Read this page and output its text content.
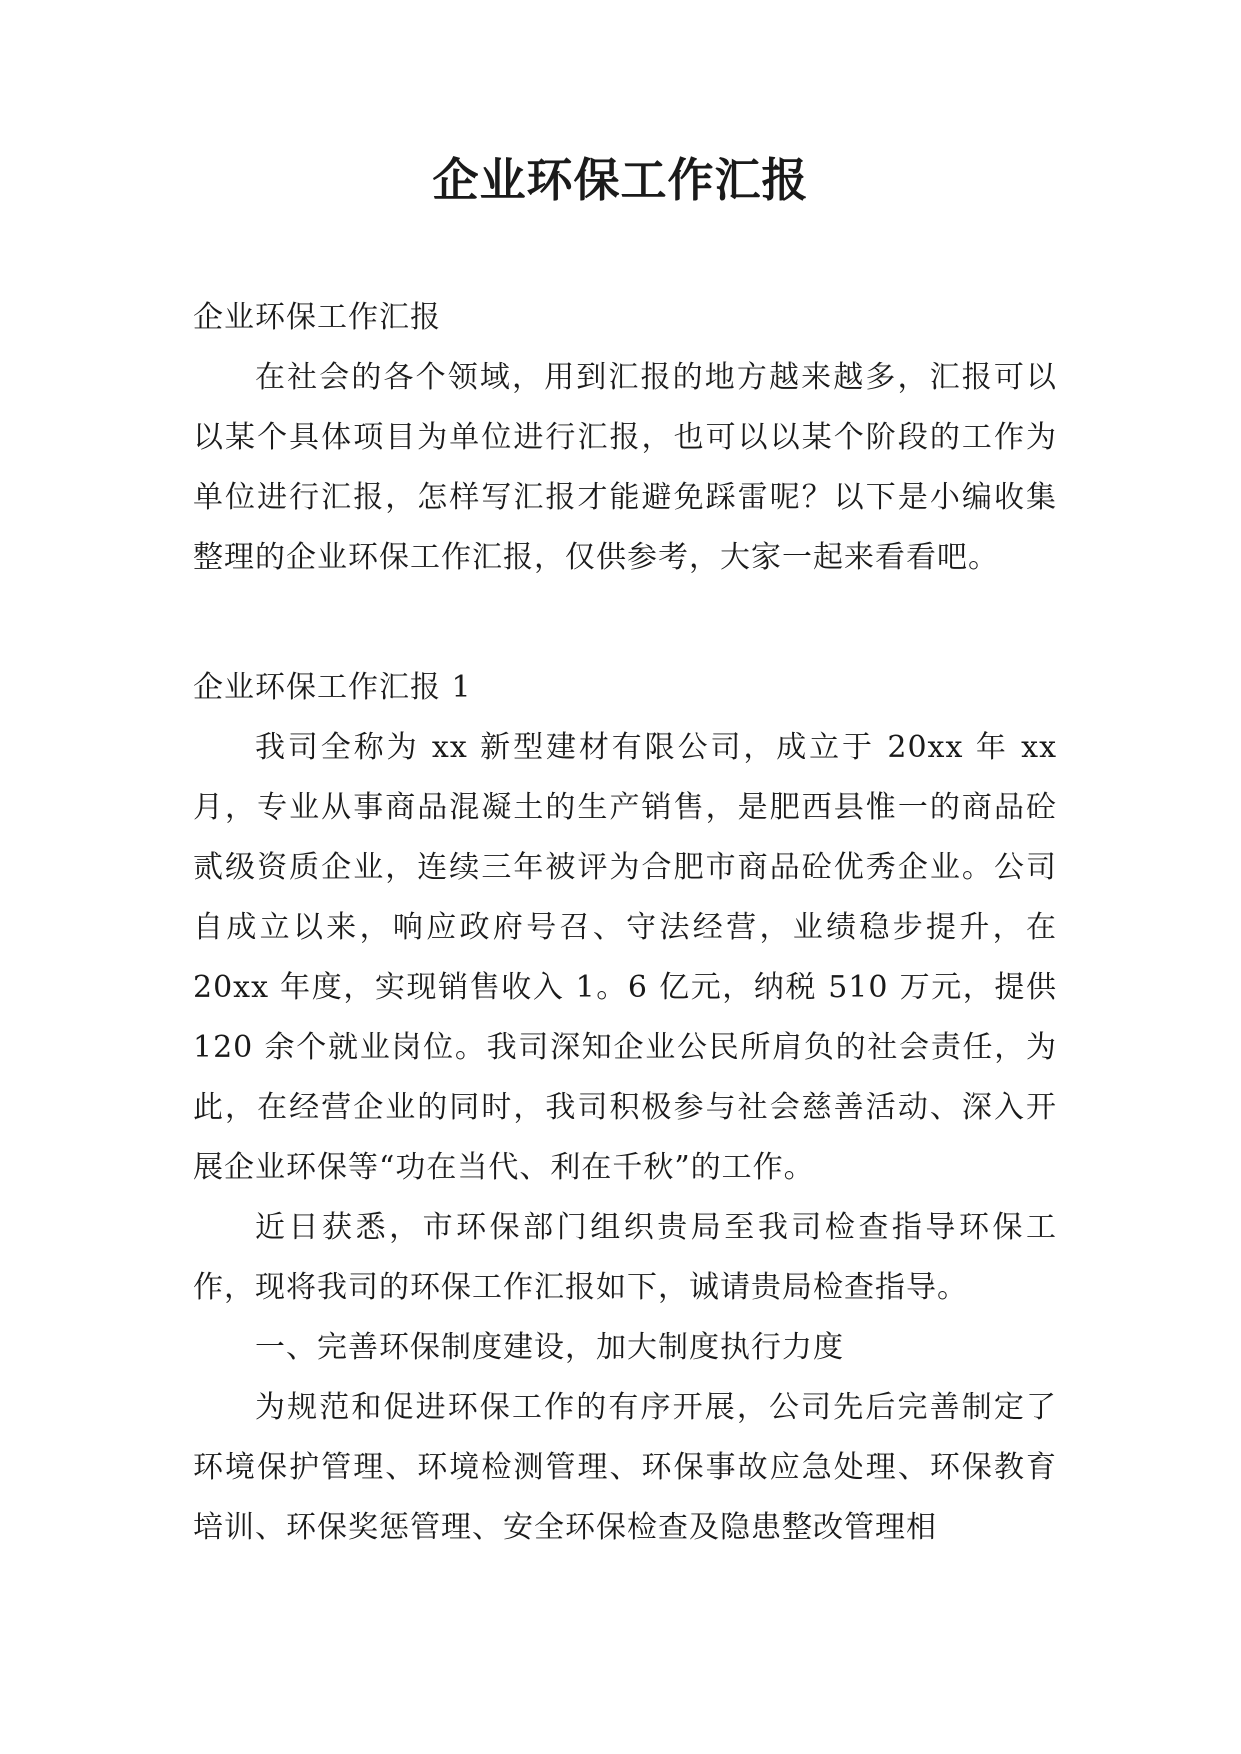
企业环保工作汇报

企业环保工作汇报

在社会的各个领域，用到汇报的地方越来越多，汇报可以以某个具体项目为单位进行汇报，也可以以某个阶段的工作为单位进行汇报，怎样写汇报才能避免踩雷呢？以下是小编收集整理的企业环保工作汇报，仅供参考，大家一起来看看吧。

企业环保工作汇报 1

我司全称为 xx 新型建材有限公司，成立于 20xx 年 xx 月，专业从事商品混凝土的生产销售，是肥西县惟一的商品砼贰级资质企业，连续三年被评为合肥市商品砼优秀企业。公司自成立以来，响应政府号召、守法经营，业绩稳步提升，在 20xx 年度，实现销售收入 1。6 亿元，纳税 510 万元，提供 120 余个就业岗位。我司深知企业公民所肩负的社会责任，为此，在经营企业的同时，我司积极参与社会慈善活动、深入开展企业环保等“功在当代、利在千秋”的工作。

近日获悉，市环保部门组织贵局至我司检查指导环保工作，现将我司的环保工作汇报如下，诚请贵局检查指导。

一、完善环保制度建设，加大制度执行力度

为规范和促进环保工作的有序开展，公司先后完善制定了环境保护管理、环境检测管理、环保事故应急处理、环保教育培训、环保奖惩管理、安全环保检查及隐患整改管理相
